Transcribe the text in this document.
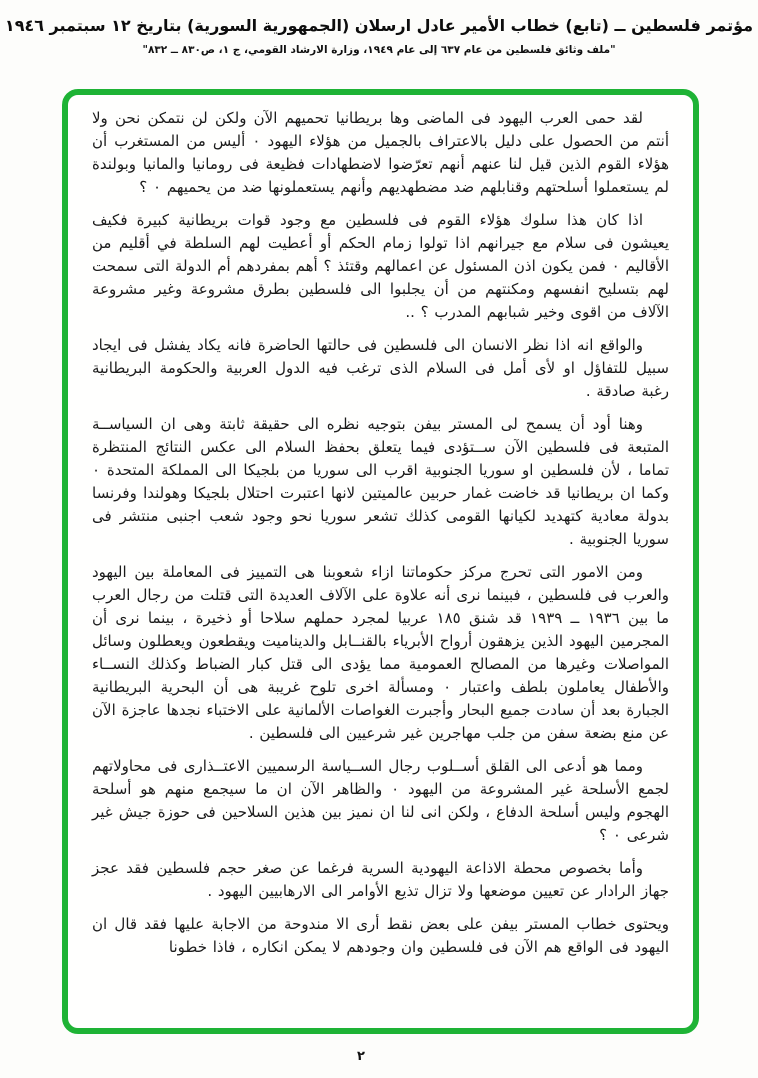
مؤتمر فلسطين ــ (تابع) خطاب الأمير عادل ارسلان (الجمهورية السورية) بتاريخ ١٢ سبتمبر ١٩٤٦
"ملف وثائق فلسطين من عام ٦٣٧ إلى عام ١٩٤٩، وزارة الارشاد القومي، ج ١، ص٨٣٠ ــ ٨٣٢"

لقد حمى العرب اليهود فى الماضى وها بريطانيا تحميهم الآن ولكن لن نتمكن نحن ولا أنتم من الحصول على دليل بالاعتراف بالجميل من هؤلاء اليهود ٠ أليس من المستغرب أن هؤلاء القوم الذين قيل لنا عنهم أنهم تعرّضوا لاضطهادات فظيعة فى رومانيا والمانيا وبولندة لم يستعملوا أسلحتهم وقنابلهم ضد مضطهديهم وأنهم يستعملونها ضد من يحميهم ٠ ؟

اذا كان هذا سلوك هؤلاء القوم فى فلسطين مع وجود قوات بريطانية كبيرة فكيف يعيشون فى سلام مع جيرانهم اذا تولوا زمام الحكم أو أعطيت لهم السلطة في أقليم من الأقاليم ٠ فمن يكون اذن المسئول عن اعمالهم وقتئذ ؟ أهم بمفردهم أم الدولة التى سمحت لهم بتسليح انفسهم ومكنتهم من أن يجلبوا الى فلسطين بطرق مشروعة وغير مشروعة الآلاف من اقوى وخير شبابهم المدرب ؟ ..

والواقع انه اذا نظر الانسان الى فلسطين فى حالتها الحاضرة فانه يكاد يفشل فى ايجاد سبيل للتفاؤل او لأى أمل فى السلام الذى ترغب فيه الدول العربية والحكومة البريطانية رغبة صادقة .

وهنا أود أن يسمح لى المستر بيفن بتوجيه نظره الى حقيقة ثابتة وهى ان السياســة المتبعة فى فلسطين الآن ســتؤدى فيما يتعلق بحفظ السلام الى عكس النتائج المنتظرة تماما ، لأن فلسطين او سوريا الجنوبية اقرب الى سوريا من بلجيكا الى المملكة المتحدة ٠ وكما ان بريطانيا قد خاضت غمار حربين عالميتين لانها اعتبرت احتلال بلجيكا وهولندا وفرنسا بدولة معادية كتهديد لكيانها القومى كذلك تشعر سوريا نحو وجود شعب اجنبى منتشر فى سوريا الجنوبية .

ومن الامور التى تحرج مركز حكوماتنا ازاء شعوبنا هى التمييز فى المعاملة بين اليهود والعرب فى فلسطين ، فبينما نرى أنه علاوة على الآلاف العديدة التى قتلت من رجال العرب ما بين ١٩٣٦ ــ ١٩٣٩ قد شنق ١٨٥ عربيا لمجرد حملهم سلاحا أو ذخيرة ، بينما نرى أن المجرمين اليهود الذين يزهقون أرواح الأبرياء بالقنــابل والديناميت ويقطعون ويعطلون وسائل المواصلات وغيرها من المصالح العمومية مما يؤدى الى قتل كبار الضباط وكذلك النســاء والأطفال يعاملون بلطف واعتبار ٠ ومسألة اخرى تلوح غريبة هى أن البحرية البريطانية الجبارة بعد أن سادت جميع البحار وأجبرت الغواصات الألمانية على الاختباء نجدها عاجزة الآن عن منع بضعة سفن من جلب مهاجرين غير شرعيين الى فلسطين .

ومما هو أدعى الى القلق أســلوب رجال الســياسة الرسميين الاعتــذارى فى محاولاتهم لجمع الأسلحة غير المشروعة من اليهود ٠ والظاهر الآن ان ما سيجمع منهم هو أسلحة الهجوم وليس أسلحة الدفاع ، ولكن انى لنا ان نميز بين هذين السلاحين فى حوزة جيش غير شرعى ٠ ؟

وأما بخصوص محطة الاذاعة اليهودية السرية فرغما عن صغر حجم فلسطين فقد عجز جهاز الرادار عن تعيين موضعها ولا تزال تذيع الأوامر الى الارهابيين اليهود .

ويحتوى خطاب المستر بيفن على بعض نقط أرى الا مندوحة من الاجابة عليها فقد قال ان اليهود فى الواقع هم الآن فى فلسطين وان وجودهم لا يمكن انكاره ، فاذا خطونا

٢
